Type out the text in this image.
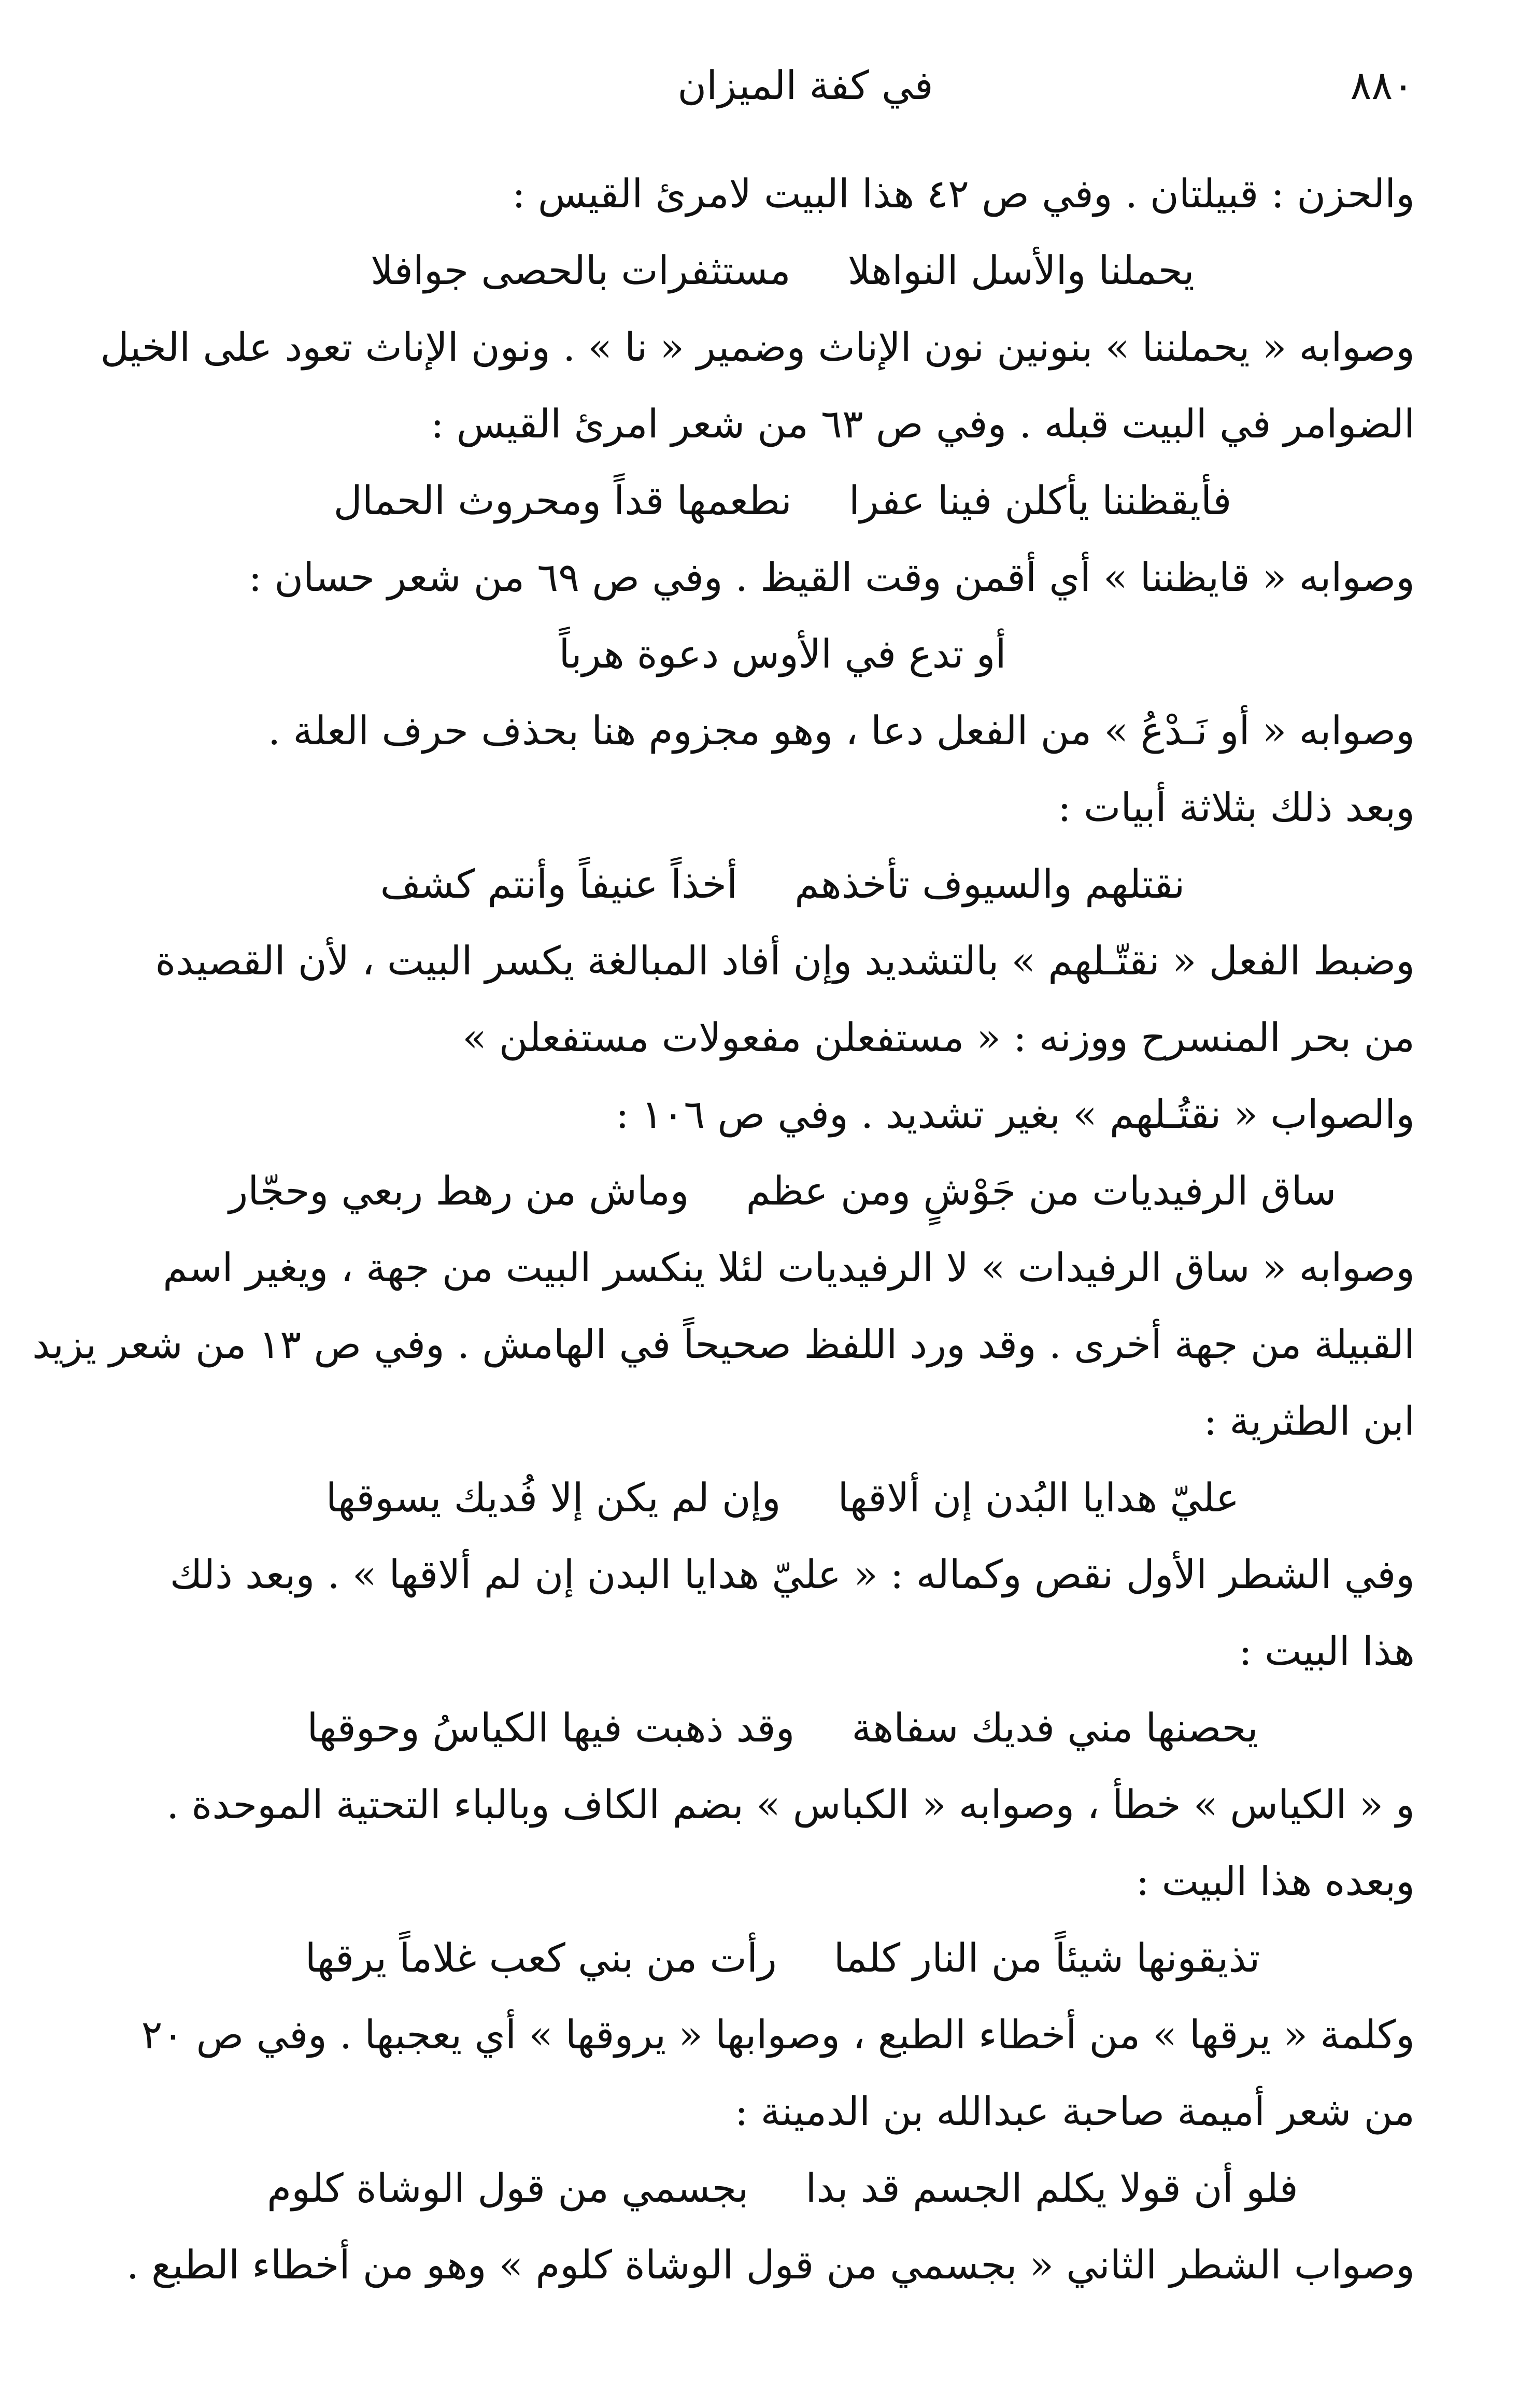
في كفة الميزان	٨٨٠
والحزن : قبيلتان . وفي ص ٤٢ هذا البيت لامرئ القيس :
يحملنا والأسل النواهلا
مستثفرات بالحصى جوافلا
وصوابه « يحملننا » بنونين نون الإناث وضمير « نا » . ونون الإناث تعود على الخيل
الضوامر في البيت قبله . وفي ص ٦٣ من شعر امرئ القيس :
فأيقظننا يأكلن فينا عفرا
نطعمها قداً ومحروث الحمال
وصوابه « قايظننا » أي أقمن وقت القيظ . وفي ص ٦٩ من شعر حسان :
أو تدع في الأوس دعوة هرباً
وصوابه « أو نَـدْعُ » من الفعل دعا ، وهو مجزوم هنا بحذف حرف العلة .
وبعد ذلك بثلاثة أبيات :
نقتلهم والسيوف تأخذهم
أخذاً عنيفاً وأنتم كشف
وضبط الفعل « نقتّـلهم » بالتشديد وإن أفاد المبالغة يكسر البيت ، لأن القصيدة
من بحر المنسرح ووزنه : « مستفعلن مفعولات مستفعلن »
والصواب « نقتُـلهم » بغير تشديد . وفي ص ١٠٦ :
ساق الرفيديات من جَوْشٍ ومن عظم
وماش من رهط ربعي وحجّار
وصوابه « ساق الرفيدات » لا الرفيديات لئلا ينكسر البيت من جهة ، ويغير اسم
القبيلة من جهة أخرى . وقد ورد اللفظ صحيحاً في الهامش . وفي ص ١٣ من شعر يزيد
ابن الطثرية :
عليّ هدايا البُدن إن ألاقها
وإن لم يكن إلا فُديك يسوقها
وفي الشطر الأول نقص وكماله : « عليّ هدايا البدن إن لم ألاقها » . وبعد ذلك
هذا البيت :
يحصنها مني فديك سفاهة
وقد ذهبت فيها الكياسُ وحوقها
و « الكياس » خطأ ، وصوابه « الكباس » بضم الكاف وبالباء التحتية الموحدة .
وبعده هذا البيت :
تذيقونها شيئاً من النار كلما
رأت من بني كعب غلاماً يرقها
وكلمة « يرقها » من أخطاء الطبع ، وصوابها « يروقها » أي يعجبها . وفي ص ٢٠
من شعر أميمة صاحبة عبدالله بن الدمينة :
فلو أن قولا يكلم الجسم قد بدا
بجسمي من قول الوشاة كلوم
وصواب الشطر الثاني « بجسمي من قول الوشاة كلوم » وهو من أخطاء الطبع .
